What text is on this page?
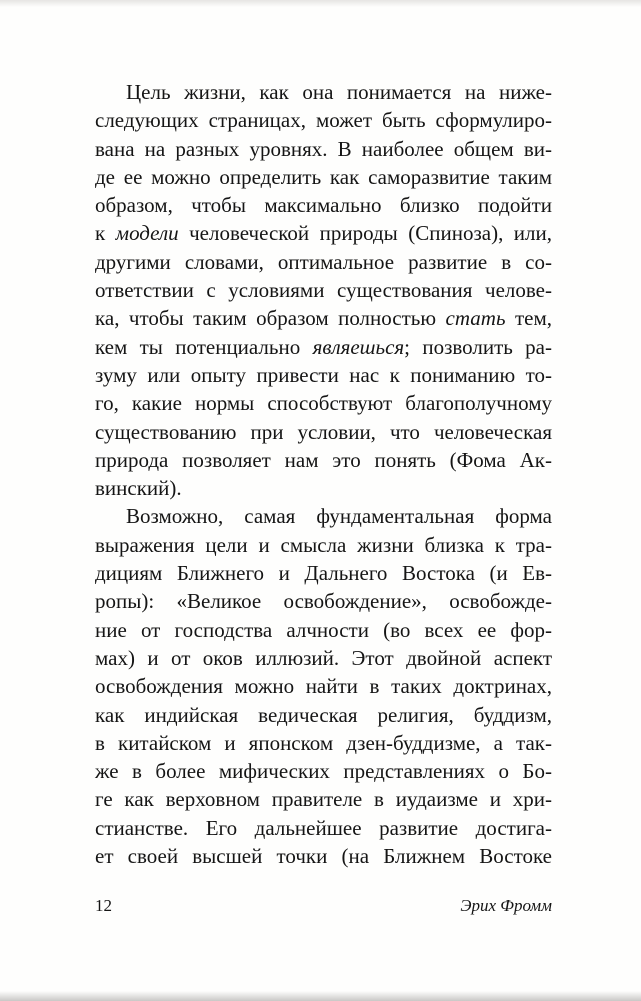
Цель жизни, как она понимается на ниже-
следующих страницах, может быть сформулиро-
вана на разных уровнях. В наиболее общем ви-
де ее можно определить как саморазвитие таким
образом, чтобы максимально близко подойти
к модели человеческой природы (Спиноза), или,
другими словами, оптимальное развитие в со-
ответствии с условиями существования челове-
ка, чтобы таким образом полностью стать тем,
кем ты потенциально являешься; позволить ра-
зуму или опыту привести нас к пониманию то-
го, какие нормы способствуют благополучному
существованию при условии, что человеческая
природа позволяет нам это понять (Фома Ак-
винский).
Возможно, самая фундаментальная форма
выражения цели и смысла жизни близка к тра-
дициям Ближнего и Дальнего Востока (и Ев-
ропы): «Великое освобождение», освобожде-
ние от господства алчности (во всех ее фор-
мах) и от оков иллюзий. Этот двойной аспект
освобождения можно найти в таких доктринах,
как индийская ведическая религия, буддизм,
в китайском и японском дзен-буддизме, а так-
же в более мифических представлениях о Бо-
ге как верховном правителе в иудаизме и хри-
стианстве. Его дальнейшее развитие достига-
ет своей высшей точки (на Ближнем Востоке
12	Эрих Фромм
